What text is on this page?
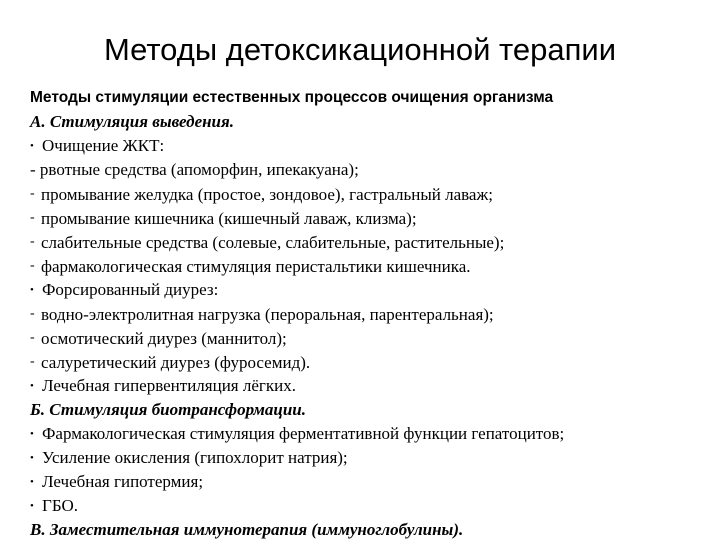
Методы детоксикационной терапии
Методы стимуляции естественных процессов очищения организма
А. Стимуляция выведения.
• Очищение ЖКТ:
- рвотные средства (апоморфин, ипекакуана);
- промывание желудка (простое, зондовое), гастральный лаваж;
- промывание кишечника (кишечный лаваж, клизма);
- слабительные средства (солевые, слабительные, растительные);
- фармакологическая стимуляция перистальтики кишечника.
• Форсированный диурез:
- водно-электролитная нагрузка (пероральная, парентеральная);
- осмотический диурез (маннитол);
- салуретический диурез (фуросемид).
• Лечебная гипервентиляция лёгких.
Б. Стимуляция биотрансформации.
• Фармакологическая стимуляция ферментативной функции гепатоцитов;
• Усиление окисления (гипохлорит натрия);
• Лечебная гипотермия;
• ГБО.
В. Заместительная иммунотерапия (иммуноглобулины).
